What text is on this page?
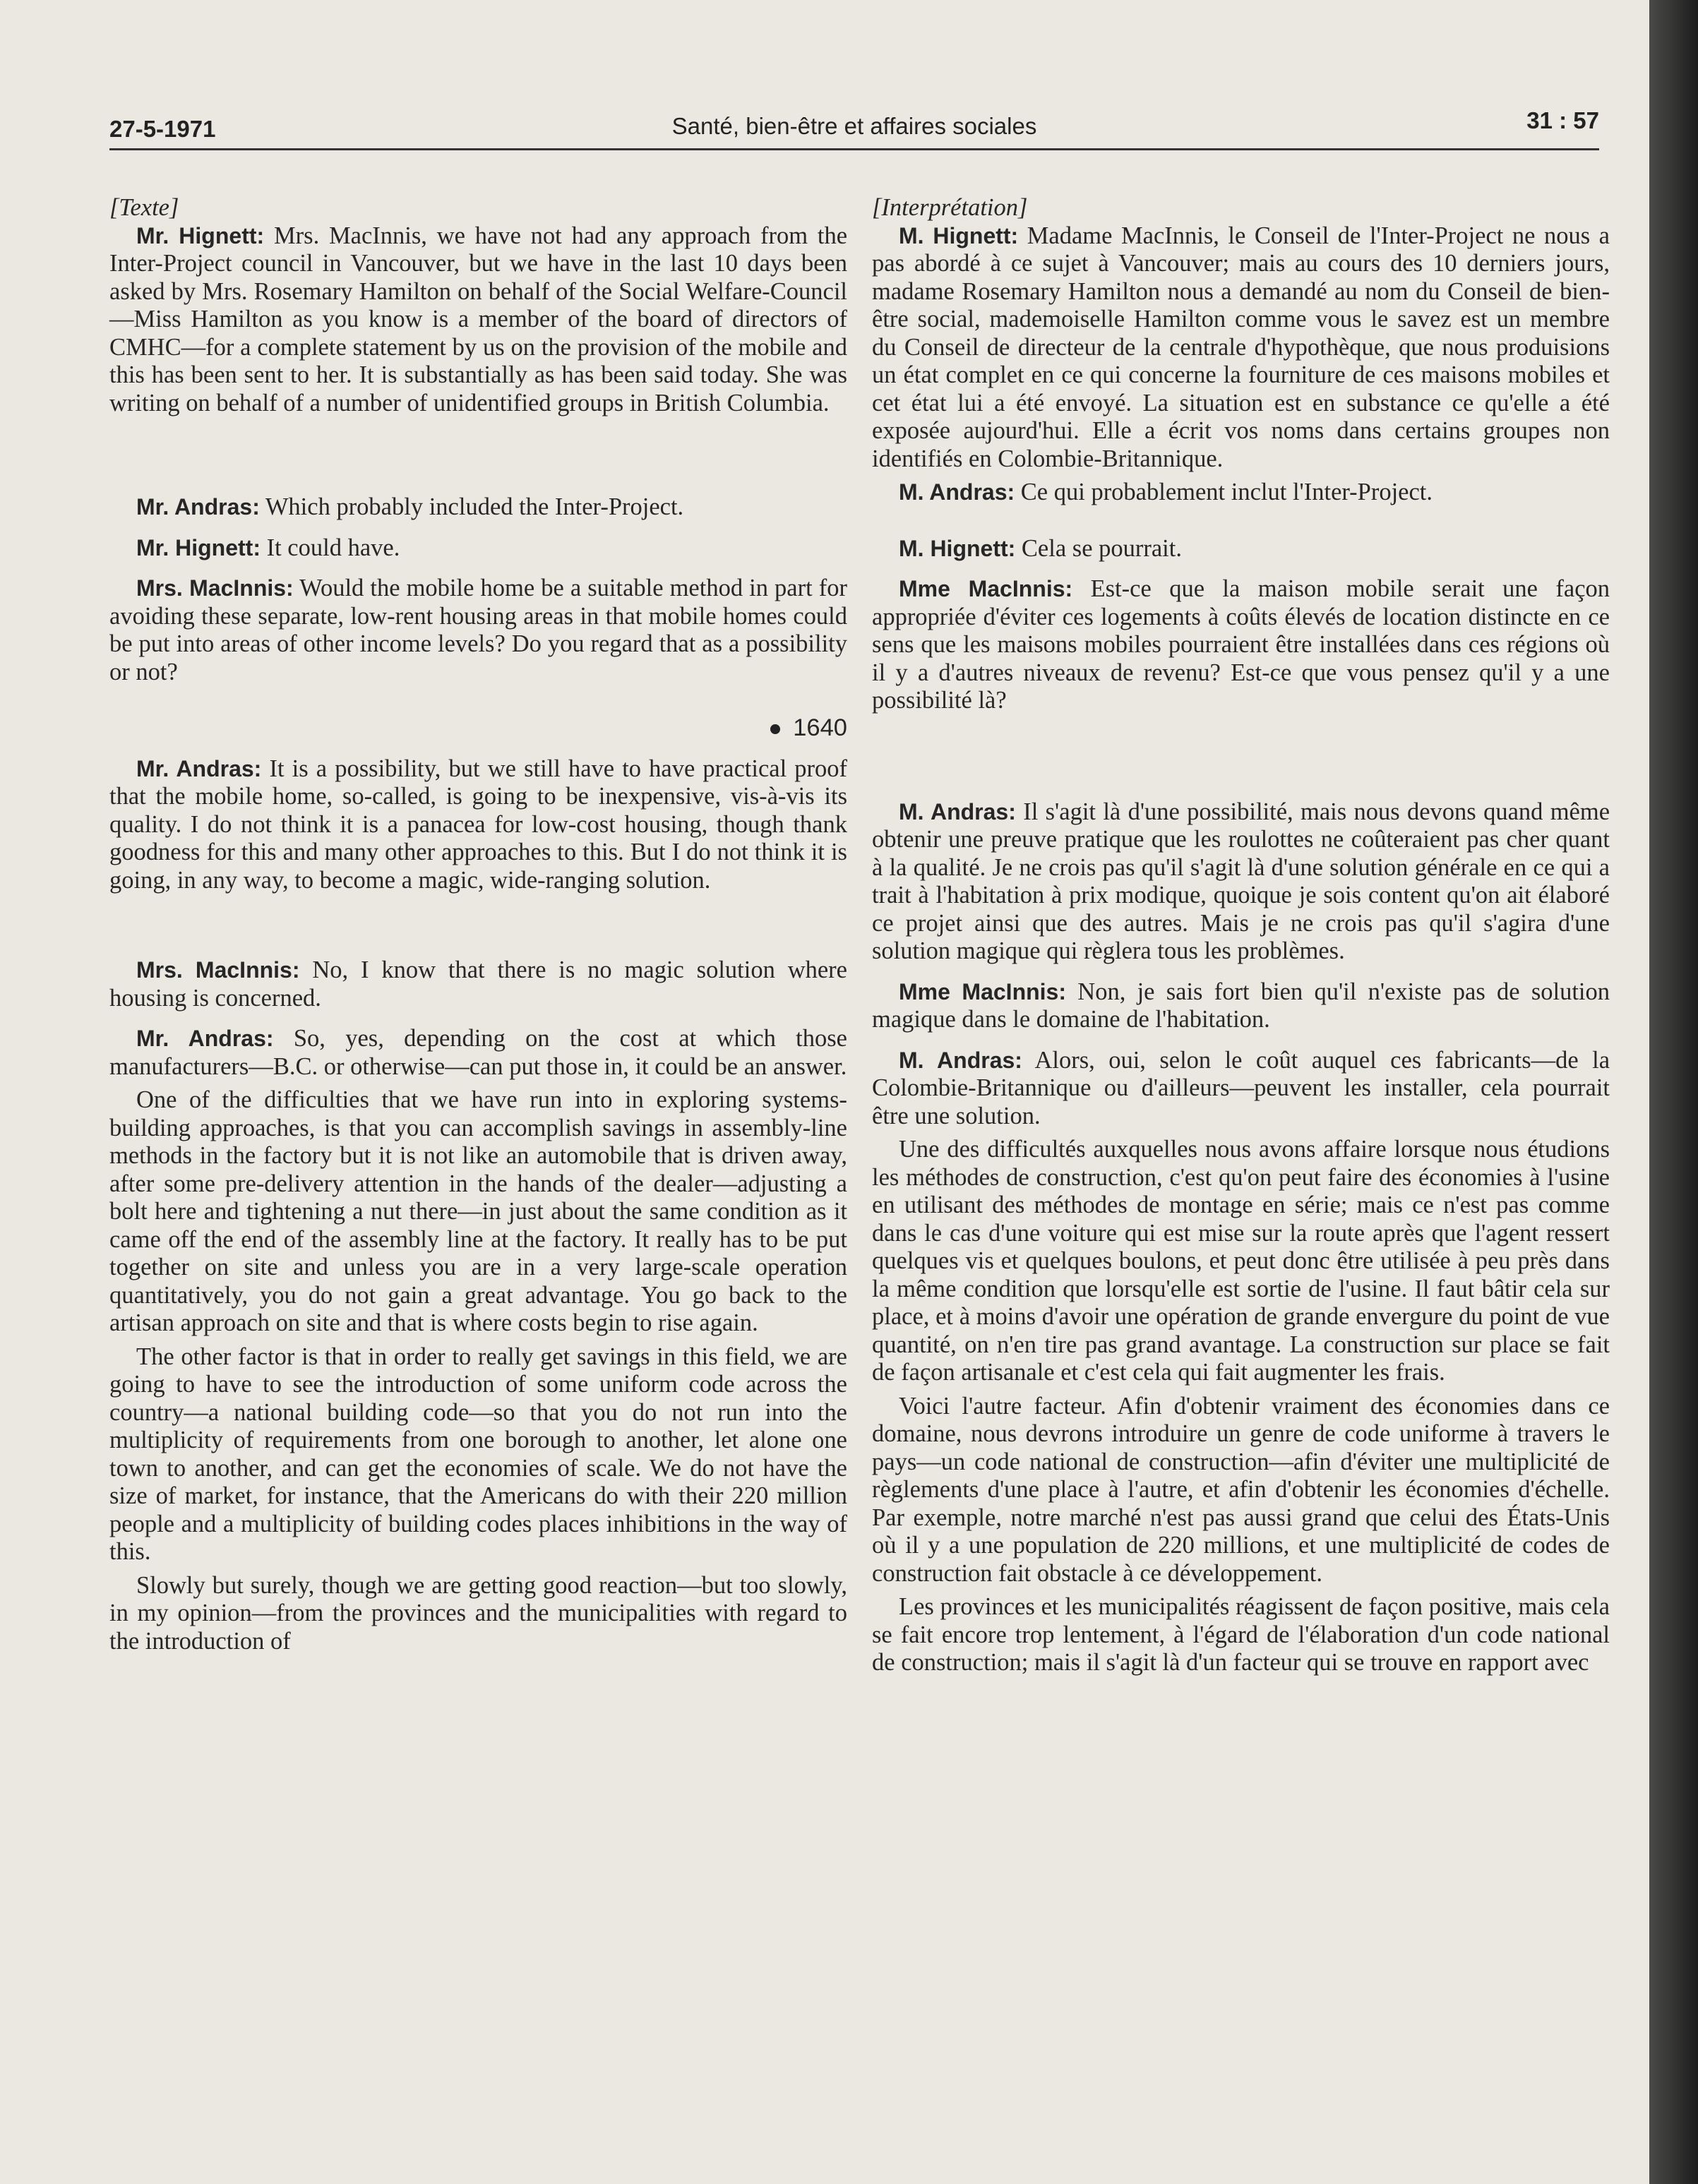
27-5-1971	Santé, bien-être et affaires sociales	31 : 57

[Texte]

Mr. Hignett: Mrs. MacInnis, we have not had any approach from the Inter-Project council in Vancouver, but we have in the last 10 days been asked by Mrs. Rosemary Hamilton on behalf of the Social Welfare-Council—Miss Hamilton as you know is a member of the board of directors of CMHC—for a complete statement by us on the provision of the mobile and this has been sent to her. It is substantially as has been said today. She was writing on behalf of a number of unidentified groups in British Columbia.

Mr. Andras: Which probably included the Inter-Project.

Mr. Hignett: It could have.

Mrs. MacInnis: Would the mobile home be a suitable method in part for avoiding these separate, low-rent housing areas in that mobile homes could be put into areas of other income levels? Do you regard that as a possibility or not?

1640

Mr. Andras: It is a possibility, but we still have to have practical proof that the mobile home, so-called, is going to be inexpensive, vis-à-vis its quality. I do not think it is a panacea for low-cost housing, though thank goodness for this and many other approaches to this. But I do not think it is going, in any way, to become a magic, wide-ranging solution.

Mrs. MacInnis: No, I know that there is no magic solution where housing is concerned.

Mr. Andras: So, yes, depending on the cost at which those manufacturers—B.C. or otherwise—can put those in, it could be an answer.

One of the difficulties that we have run into in exploring systems-building approaches, is that you can accomplish savings in assembly-line methods in the factory but it is not like an automobile that is driven away, after some pre-delivery attention in the hands of the dealer—adjusting a bolt here and tightening a nut there—in just about the same condition as it came off the end of the assembly line at the factory. It really has to be put together on site and unless you are in a very large-scale operation quantitatively, you do not gain a great advantage. You go back to the artisan approach on site and that is where costs begin to rise again.

The other factor is that in order to really get savings in this field, we are going to have to see the introduction of some uniform code across the country—a national building code—so that you do not run into the multiplicity of requirements from one borough to another, let alone one town to another, and can get the economies of scale. We do not have the size of market, for instance, that the Americans do with their 220 million people and a multiplicity of building codes places inhibitions in the way of this.

Slowly but surely, though we are getting good reaction—but too slowly, in my opinion—from the provinces and the municipalities with regard to the introduction of

[Interprétation]

M. Hignett: Madame MacInnis, le Conseil de l'Inter-Project ne nous a pas abordé à ce sujet à Vancouver; mais au cours des 10 derniers jours, madame Rosemary Hamilton nous a demandé au nom du Conseil de bien-être social, mademoiselle Hamilton comme vous le savez est un membre du Conseil de directeur de la centrale d'hypothèque, que nous produisions un état complet en ce qui concerne la fourniture de ces maisons mobiles et cet état lui a été envoyé. La situation est en substance ce qu'elle a été exposée aujourd'hui. Elle a écrit vos noms dans certains groupes non identifiés en Colombie-Britannique.

M. Andras: Ce qui probablement inclut l'Inter-Project.

M. Hignett: Cela se pourrait.

Mme MacInnis: Est-ce que la maison mobile serait une façon appropriée d'éviter ces logements à coûts élevés de location distincte en ce sens que les maisons mobiles pourraient être installées dans ces régions où il y a d'autres niveaux de revenu? Est-ce que vous pensez qu'il y a une possibilité là?

M. Andras: Il s'agit là d'une possibilité, mais nous devons quand même obtenir une preuve pratique que les roulottes ne coûteraient pas cher quant à la qualité. Je ne crois pas qu'il s'agit là d'une solution générale en ce qui a trait à l'habitation à prix modique, quoique je sois content qu'on ait élaboré ce projet ainsi que des autres. Mais je ne crois pas qu'il s'agira d'une solution magique qui règlera tous les problèmes.

Mme MacInnis: Non, je sais fort bien qu'il n'existe pas de solution magique dans le domaine de l'habitation.

M. Andras: Alors, oui, selon le coût auquel ces fabricants—de la Colombie-Britannique ou d'ailleurs—peuvent les installer, cela pourrait être une solution.

Une des difficultés auxquelles nous avons affaire lorsque nous étudions les méthodes de construction, c'est qu'on peut faire des économies à l'usine en utilisant des méthodes de montage en série; mais ce n'est pas comme dans le cas d'une voiture qui est mise sur la route après que l'agent ressert quelques vis et quelques boulons, et peut donc être utilisée à peu près dans la même condition que lorsqu'elle est sortie de l'usine. Il faut bâtir cela sur place, et à moins d'avoir une opération de grande envergure du point de vue quantité, on n'en tire pas grand avantage. La construction sur place se fait de façon artisanale et c'est cela qui fait augmenter les frais.

Voici l'autre facteur. Afin d'obtenir vraiment des économies dans ce domaine, nous devrons introduire un genre de code uniforme à travers le pays—un code national de construction—afin d'éviter une multiplicité de règlements d'une place à l'autre, et afin d'obtenir les économies d'échelle. Par exemple, notre marché n'est pas aussi grand que celui des États-Unis où il y a une population de 220 millions, et une multiplicité de codes de construction fait obstacle à ce développement.

Les provinces et les municipalités réagissent de façon positive, mais cela se fait encore trop lentement, à l'égard de l'élaboration d'un code national de construction; mais il s'agit là d'un facteur qui se trouve en rapport avec
